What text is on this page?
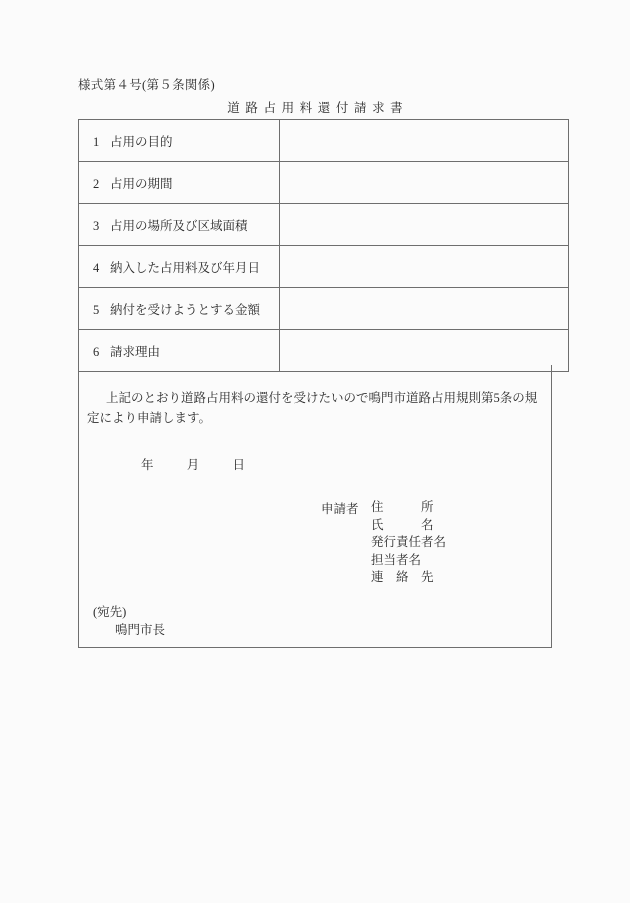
様式第４号(第５条関係)
道路占用料還付請求書
1 占用の目的	
2 占用の期間	
3 占用の場所及び区域面積	
4 納入した占用料及び年月日	
5 納付を受けようとする金額	
6 請求理由	
上記のとおり道路占用料の還付を受けたいので鳴門市道路占用規則第5条の規定により申請します。
年	月	日
申請者 住　　　所
氏　　　名
発行責任者名
担当者名
連　絡　先
(宛先)
鳴門市長
